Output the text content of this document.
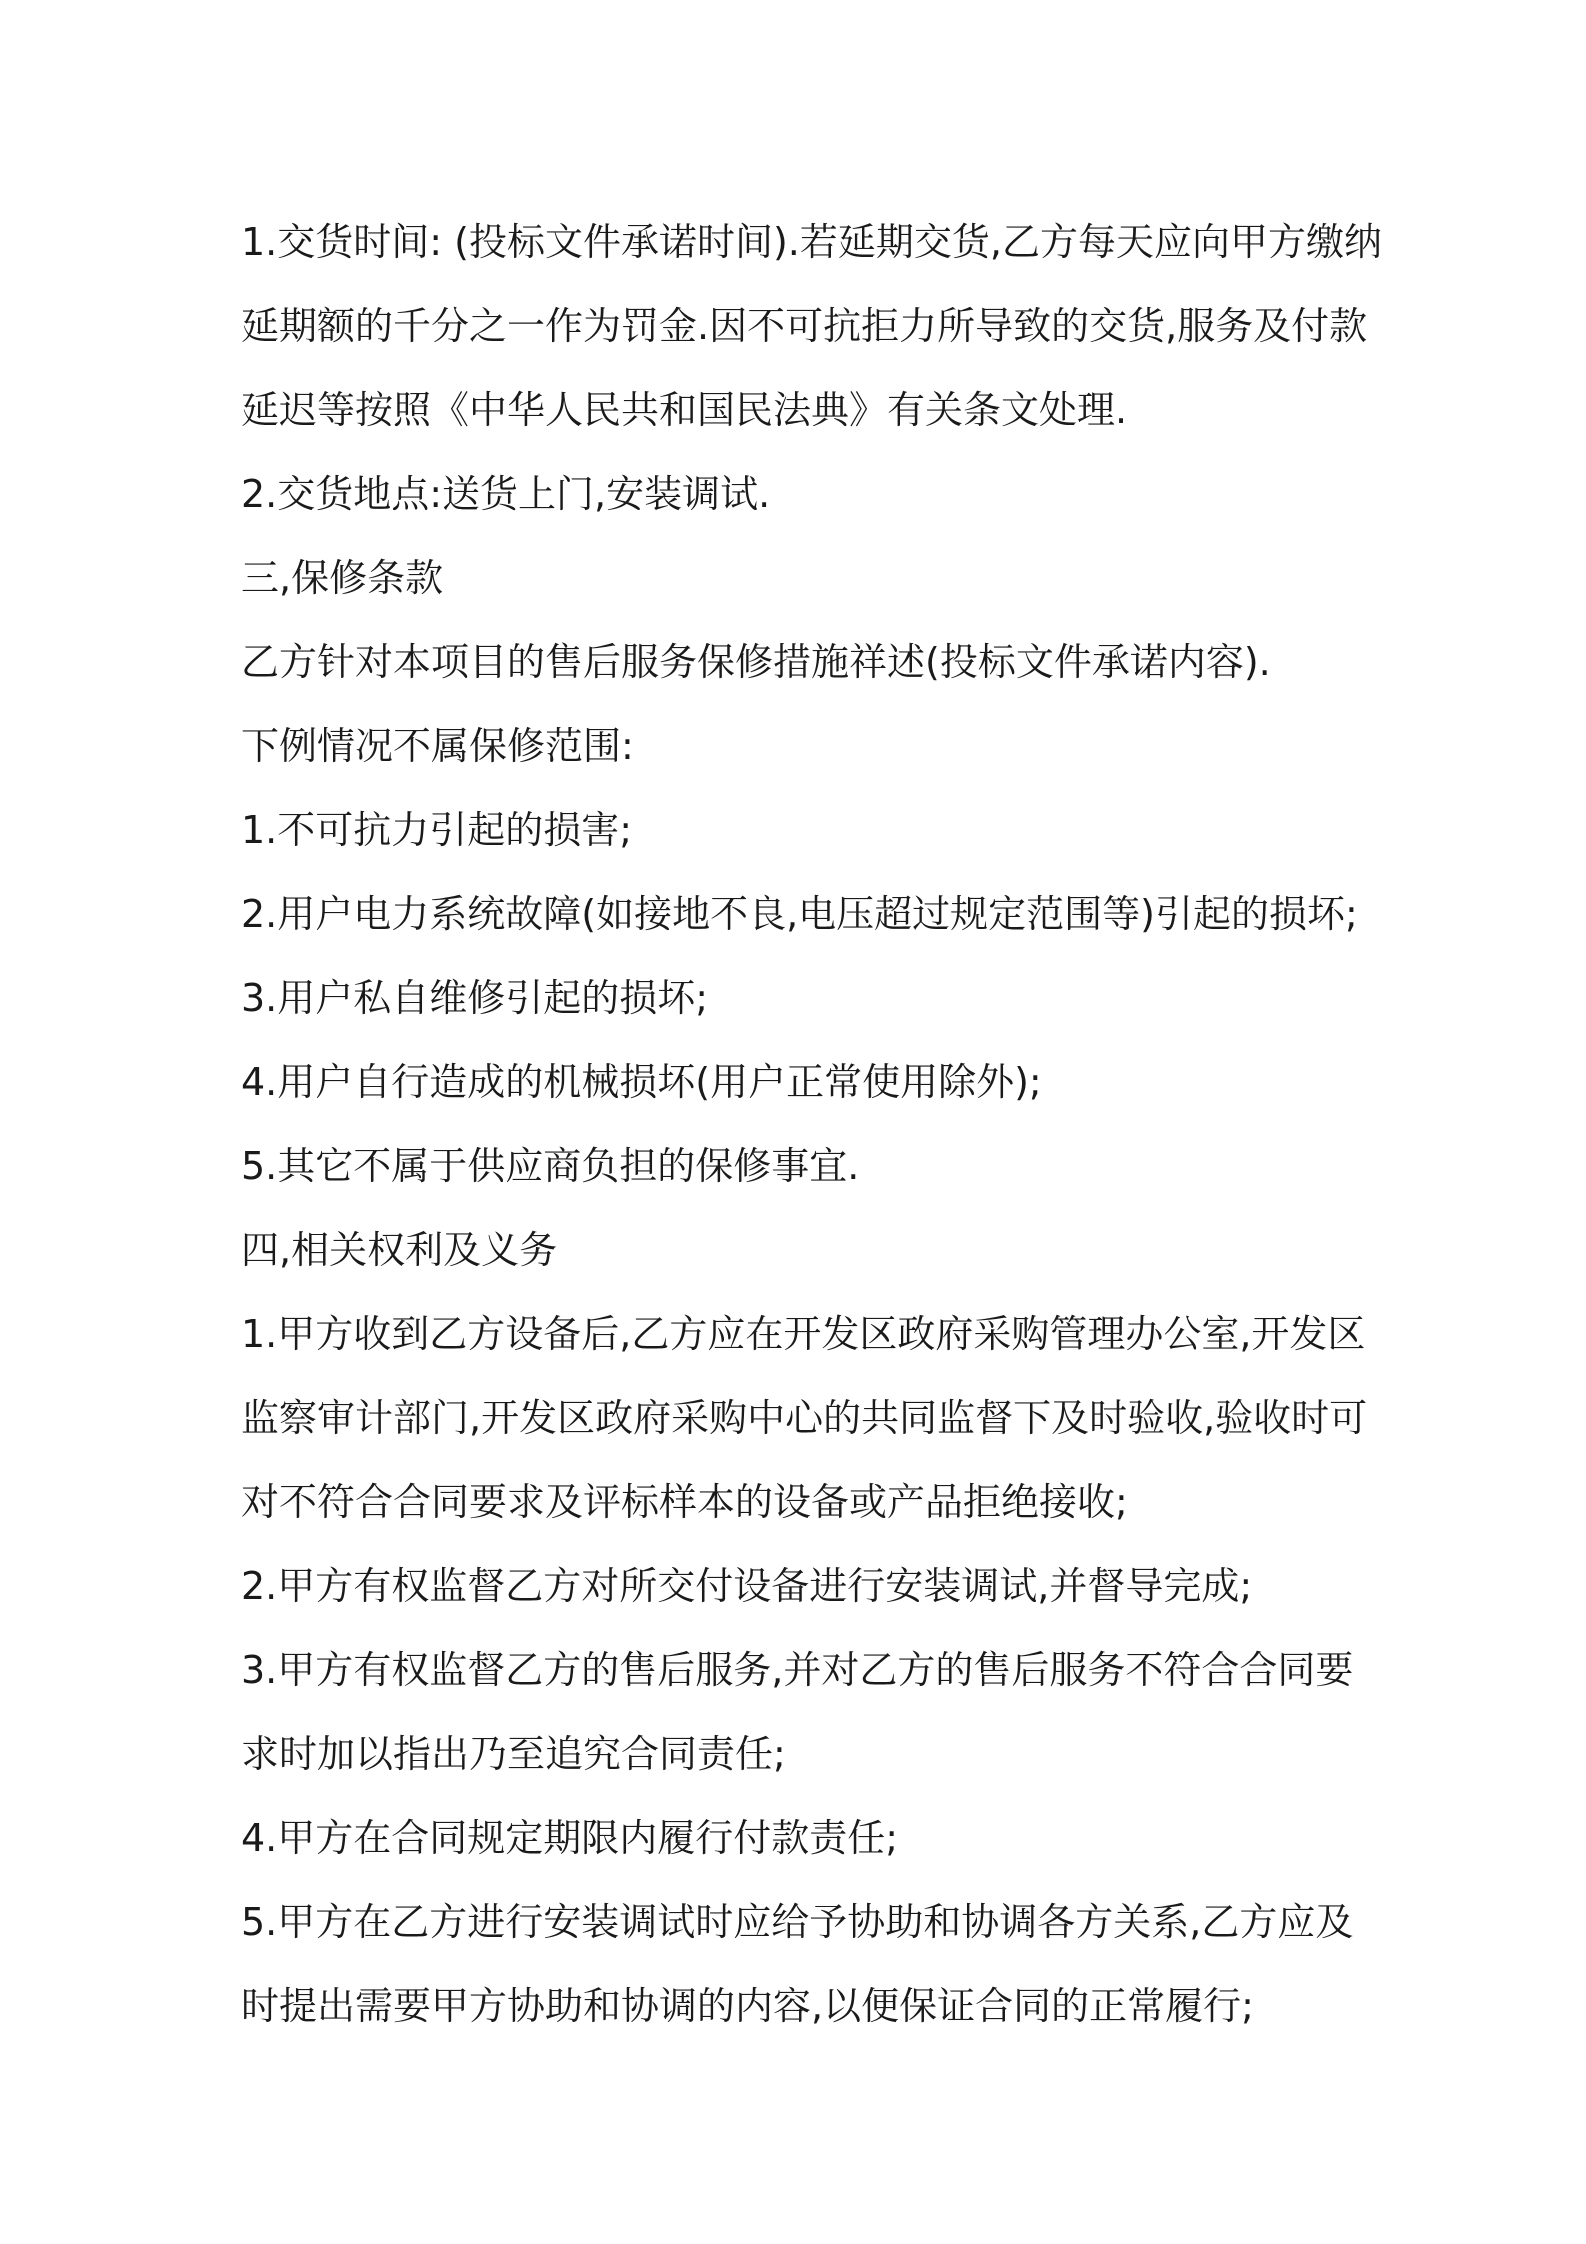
1.交货时间: (投标文件承诺时间).若延期交货,乙方每天应向甲方缴纳
延期额的千分之一作为罚金.因不可抗拒力所导致的交货,服务及付款
延迟等按照《中华人民共和国民法典》有关条文处理.
2.交货地点:送货上门,安装调试.
三,保修条款
乙方针对本项目的售后服务保修措施祥述(投标文件承诺内容).
下例情况不属保修范围:
1.不可抗力引起的损害;
2.用户电力系统故障(如接地不良,电压超过规定范围等)引起的损坏;
3.用户私自维修引起的损坏;
4.用户自行造成的机械损坏(用户正常使用除外);
5.其它不属于供应商负担的保修事宜.
四,相关权利及义务
1.甲方收到乙方设备后,乙方应在开发区政府采购管理办公室,开发区
监察审计部门,开发区政府采购中心的共同监督下及时验收,验收时可
对不符合合同要求及评标样本的设备或产品拒绝接收;
2.甲方有权监督乙方对所交付设备进行安装调试,并督导完成;
3.甲方有权监督乙方的售后服务,并对乙方的售后服务不符合合同要
求时加以指出乃至追究合同责任;
4.甲方在合同规定期限内履行付款责任;
5.甲方在乙方进行安装调试时应给予协助和协调各方关系,乙方应及
时提出需要甲方协助和协调的内容,以便保证合同的正常履行;
